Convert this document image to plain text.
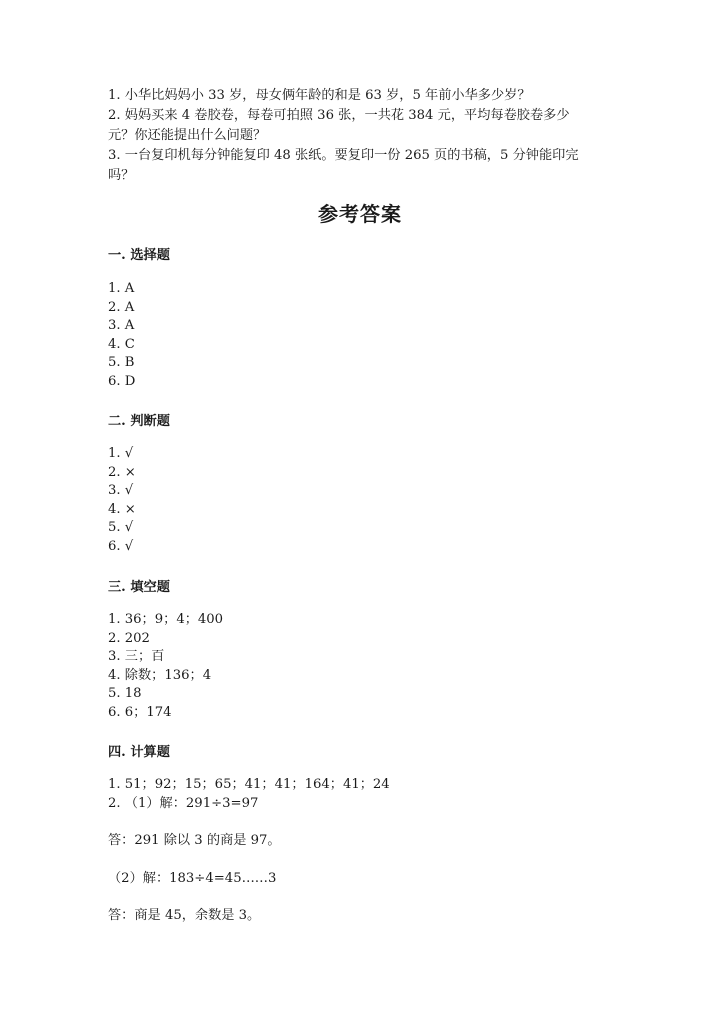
1. 小华比妈妈小 33 岁，母女俩年龄的和是 63 岁，5 年前小华多少岁？

2. 妈妈买来 4 卷胶卷，每卷可拍照 36 张，一共花 384 元，平均每卷胶卷多少

元？你还能提出什么问题？

3. 一台复印机每分钟能复印 48 张纸。要复印一份 265 页的书稿，5 分钟能印完

吗？

参考答案
一. 选择题
1. A
2. A
3. A
4. C
5. B
6. D
二. 判断题
1. √
2. ×
3. √
4. ×
5. √
6. √
三. 填空题
1. 36；9；4；400
2. 202
3. 三；百
4. 除数；136；4
5. 18
6. 6；174
四. 计算题
1. 51；92；15；65；41；41；164；41；24
2. （1）解：291÷3=97
答：291 除以 3 的商是 97。
（2）解：183÷4=45……3
答：商是 45，余数是 3。
